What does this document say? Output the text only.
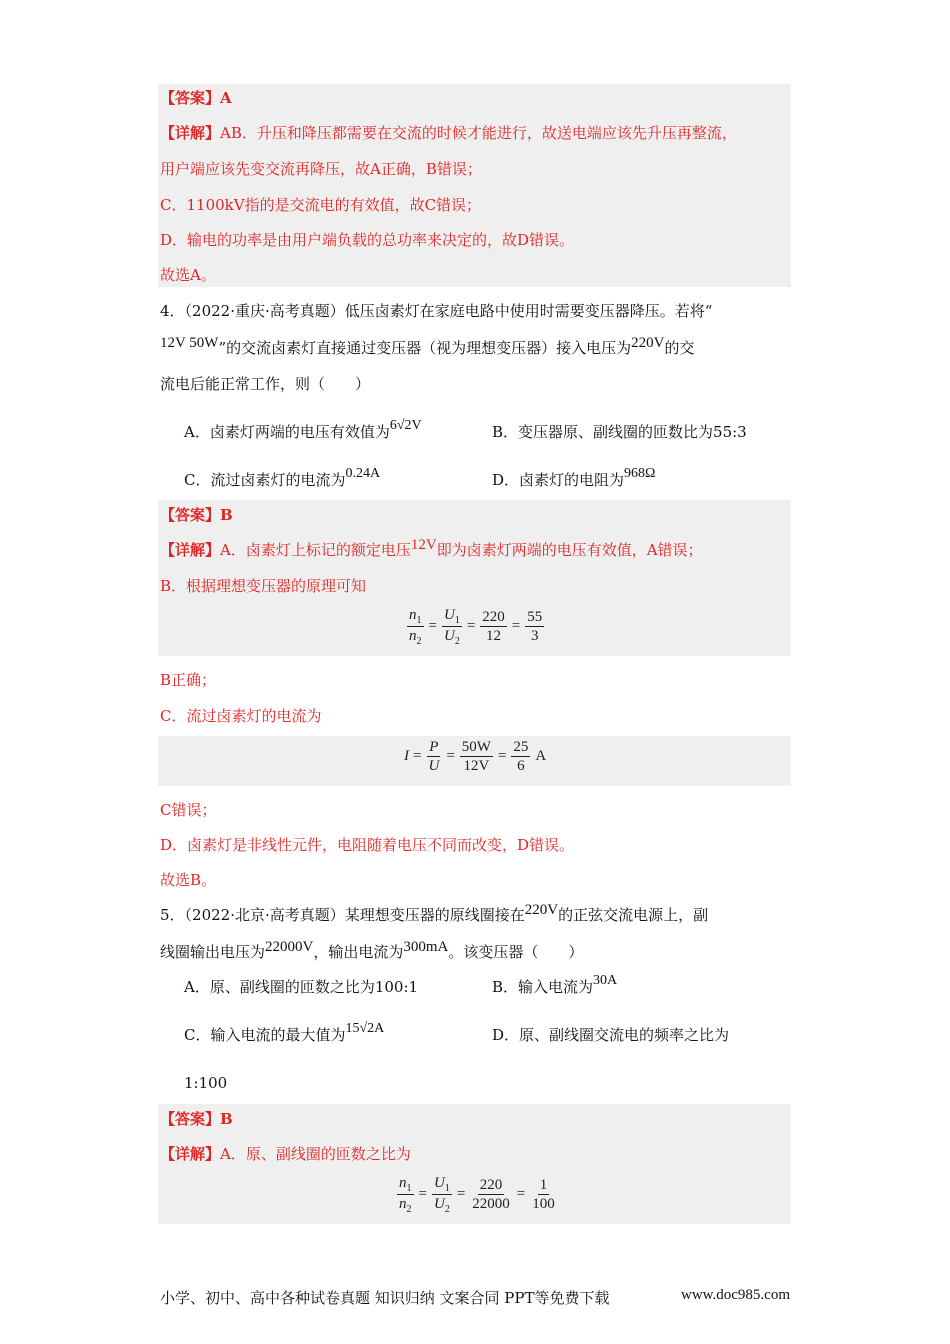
【答案】A
【详解】AB．升压和降压都需要在交流的时候才能进行，故送电端应该先升压再整流，
用户端应该先变交流再降压，故A正确，B错误；
C．1100kV指的是交流电的有效值，故C错误；
D．输电的功率是由用户端负载的总功率来决定的，故D错误。
故选A。
4．（2022·重庆·高考真题）低压卤素灯在家庭电路中使用时需要变压器降压。若将“
12V 50W”的交流卤素灯直接通过变压器（视为理想变压器）接入电压为220V的交
流电后能正常工作，则（　　）
A．卤素灯两端的电压有效值为6√2V	B．变压器原、副线圈的匝数比为55:3
C．流过卤素灯的电流为0.24A	D．卤素灯的电阻为968Ω
【答案】B
【详解】A．卤素灯上标记的额定电压12V即为卤素灯两端的电压有效值，A错误；
B．根据理想变压器的原理可知
$\frac{n_1}{n_2} = \frac{U_1}{U_2} = \frac{220}{12} = \frac{55}{3}$
B正确；
C．流过卤素灯的电流为
$I = \frac{P}{U} = \frac{50W}{12V} = \frac{25}{6}$ A
C错误；
D．卤素灯是非线性元件，电阻随着电压不同而改变，D错误。
故选B。
5．（2022·北京·高考真题）某理想变压器的原线圈接在220V的正弦交流电源上，副
线圈输出电压为22000V，输出电流为300mA。该变压器（　　）
A．原、副线圈的匝数之比为100:1	B．输入电流为30A
C．输入电流的最大值为15√2A	D．原、副线圈交流电的频率之比为
1:100
【答案】B
【详解】A．原、副线圈的匝数之比为
$\frac{n_1}{n_2} = \frac{U_1}{U_2} = \frac{220}{22000} = \frac{1}{100}$
小学、初中、高中各种试卷真题 知识归纳 文案合同 PPT等免费下载	www.doc985.com
